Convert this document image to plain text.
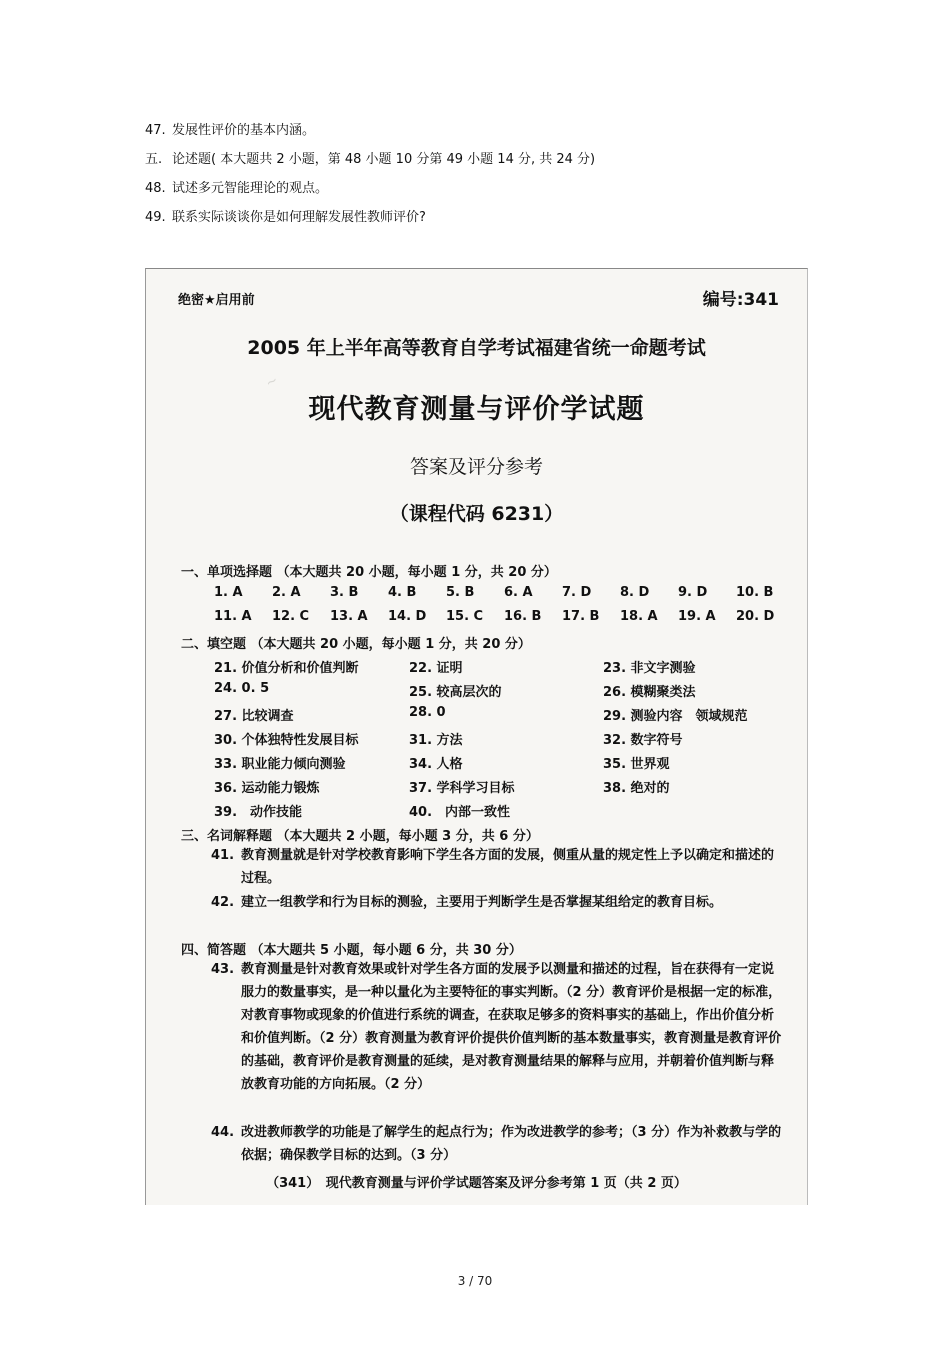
47. 发展性评价的基本内涵。
五. 论述题( 本大题共 2 小题，第 48 小题 10 分第 49 小题 14 分, 共 24 分)
48. 试述多元智能理论的观点。
49. 联系实际谈谈你是如何理解发展性教师评价?
~
绝密★启用前	编号:341
2005 年上半年高等教育自学考试福建省统一命题考试
现代教育测量与评价学试题
答案及评分参考
（课程代码 6231）
一、单项选择题 （本大题共 20 小题，每小题 1 分，共 20 分）
1. A 2. A 3. B 4. B 5. B 6. A 7. D 8. D 9. D 10. B
11. A 12. C 13. A 14. D 15. C 16. B 17. B 18. A 19. A 20. D
二、填空题 （本大题共 20 小题，每小题 1 分，共 20 分）
21. 价值分析和价值判断	22. 证明	23. 非文字测验
24. 0. 5	25. 较高层次的	26. 模糊聚类法
27. 比较调查	28. 0	29. 测验内容　领域规范
30. 个体独特性发展目标	31. 方法	32. 数字符号
33. 职业能力倾向测验	34. 人格	35. 世界观
36. 运动能力锻炼	37. 学科学习目标	38. 绝对的
39.　动作技能	40.　内部一致性
三、名词解释题 （本大题共 2 小题，每小题 3 分，共 6 分）
41. 教育测量就是针对学校教育影响下学生各方面的发展，侧重从量的规定性上予以确定和描述的过程。
42. 建立一组教学和行为目标的测验，主要用于判断学生是否掌握某组给定的教育目标。
四、简答题 （本大题共 5 小题，每小题 6 分，共 30 分）
43. 教育测量是针对教育效果或针对学生各方面的发展予以测量和描述的过程，旨在获得有一定说服力的数量事实，是一种以量化为主要特征的事实判断。（2 分）教育评价是根据一定的标准，对教育事物或现象的价值进行系统的调查，在获取足够多的资料事实的基础上，作出价值分析和价值判断。（2 分）教育测量为教育评价提供价值判断的基本数量事实，教育测量是教育评价的基础，教育评价是教育测量的延续，是对教育测量结果的解释与应用，并朝着价值判断与释放教育功能的方向拓展。（2 分）
44. 改进教师教学的功能是了解学生的起点行为；作为改进教学的参考；（3 分）作为补救教与学的依据；确保教学目标的达到。（3 分）
（341）　现代教育测量与评价学试题答案及评分参考第 1 页（共 2 页）
3 / 70
